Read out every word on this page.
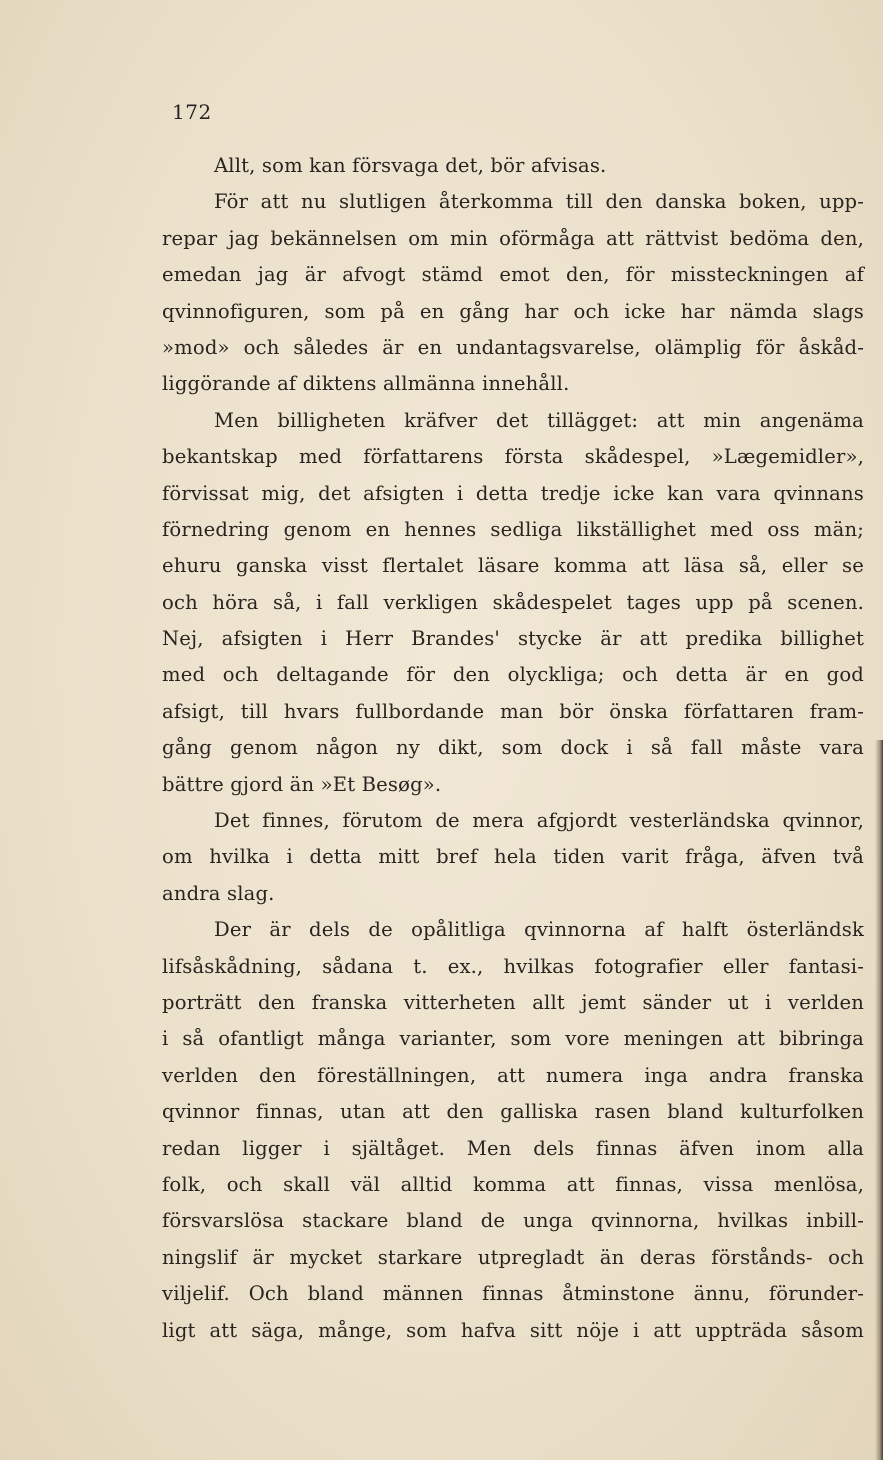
172
Allt, som kan försvaga det, bör afvisas.
För att nu slutligen återkomma till den danska boken, upp-
repar jag bekännelsen om min oförmåga att rättvist bedöma den,
emedan jag är afvogt stämd emot den, för missteckningen af
qvinnofiguren, som på en gång har och icke har nämda slags
»mod» och således är en undantagsvarelse, olämplig för åskåd-
liggörande af diktens allmänna innehåll.
Men billigheten kräfver det tillägget: att min angenäma
bekantskap med författarens första skådespel, »Lægemidler»,
förvissat mig, det afsigten i detta tredje icke kan vara qvinnans
förnedring genom en hennes sedliga likställighet med oss män;
ehuru ganska visst flertalet läsare komma att läsa så, eller se
och höra så, i fall verkligen skådespelet tages upp på scenen.
Nej, afsigten i Herr Brandes' stycke är att predika billighet
med och deltagande för den olyckliga; och detta är en god
afsigt, till hvars fullbordande man bör önska författaren fram-
gång genom någon ny dikt, som dock i så fall måste vara
bättre gjord än »Et Besøg».
Det finnes, förutom de mera afgjordt vesterländska qvinnor,
om hvilka i detta mitt bref hela tiden varit fråga, äfven två
andra slag.
Der är dels de opålitliga qvinnorna af halft österländsk
lifsåskådning, sådana t. ex., hvilkas fotografier eller fantasi-
porträtt den franska vitterheten allt jemt sänder ut i verlden
i så ofantligt många varianter, som vore meningen att bibringa
verlden den föreställningen, att numera inga andra franska
qvinnor finnas, utan att den galliska rasen bland kulturfolken
redan ligger i själtåget. Men dels finnas äfven inom alla
folk, och skall väl alltid komma att finnas, vissa menlösa,
försvarslösa stackare bland de unga qvinnorna, hvilkas inbill-
ningslif är mycket starkare utpregladt än deras förstånds- och
viljelif. Och bland männen finnas åtminstone ännu, förunder-
ligt att säga, månge, som hafva sitt nöje i att uppträda såsom
